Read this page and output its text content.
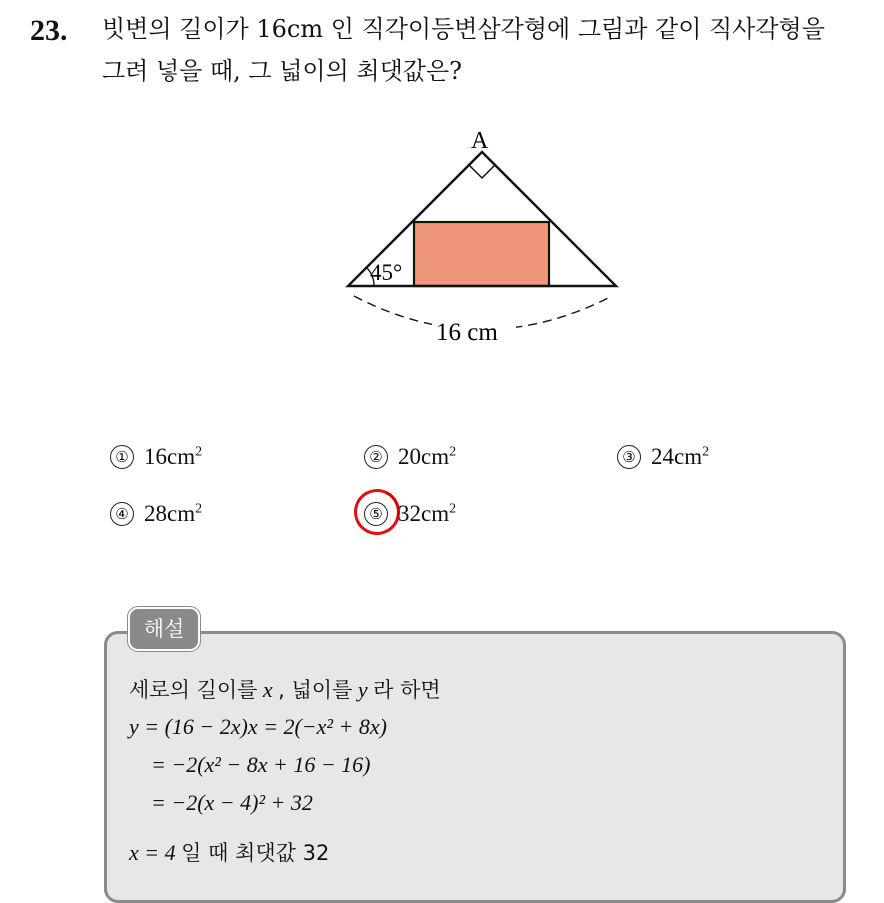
23. 빗변의 길이가 16cm 인 직각이등변삼각형에 그림과 같이 직사각형을
그려 넣을 때, 그 넓이의 최댓값은?
A
45°
16 cm
① $16cm^2$	② $20cm^2$	③ $24cm^2$
④ $28cm^2$	⑤ $32cm^2$
세로의 길이를 x , 넓이를 y 라 하면
y = (16 − 2x)x = 2(−x² + 8x)
= −2(x² − 8x + 16 − 16)
= −2(x − 4)² + 32
x = 4 일 때 최댓값 32
해설
